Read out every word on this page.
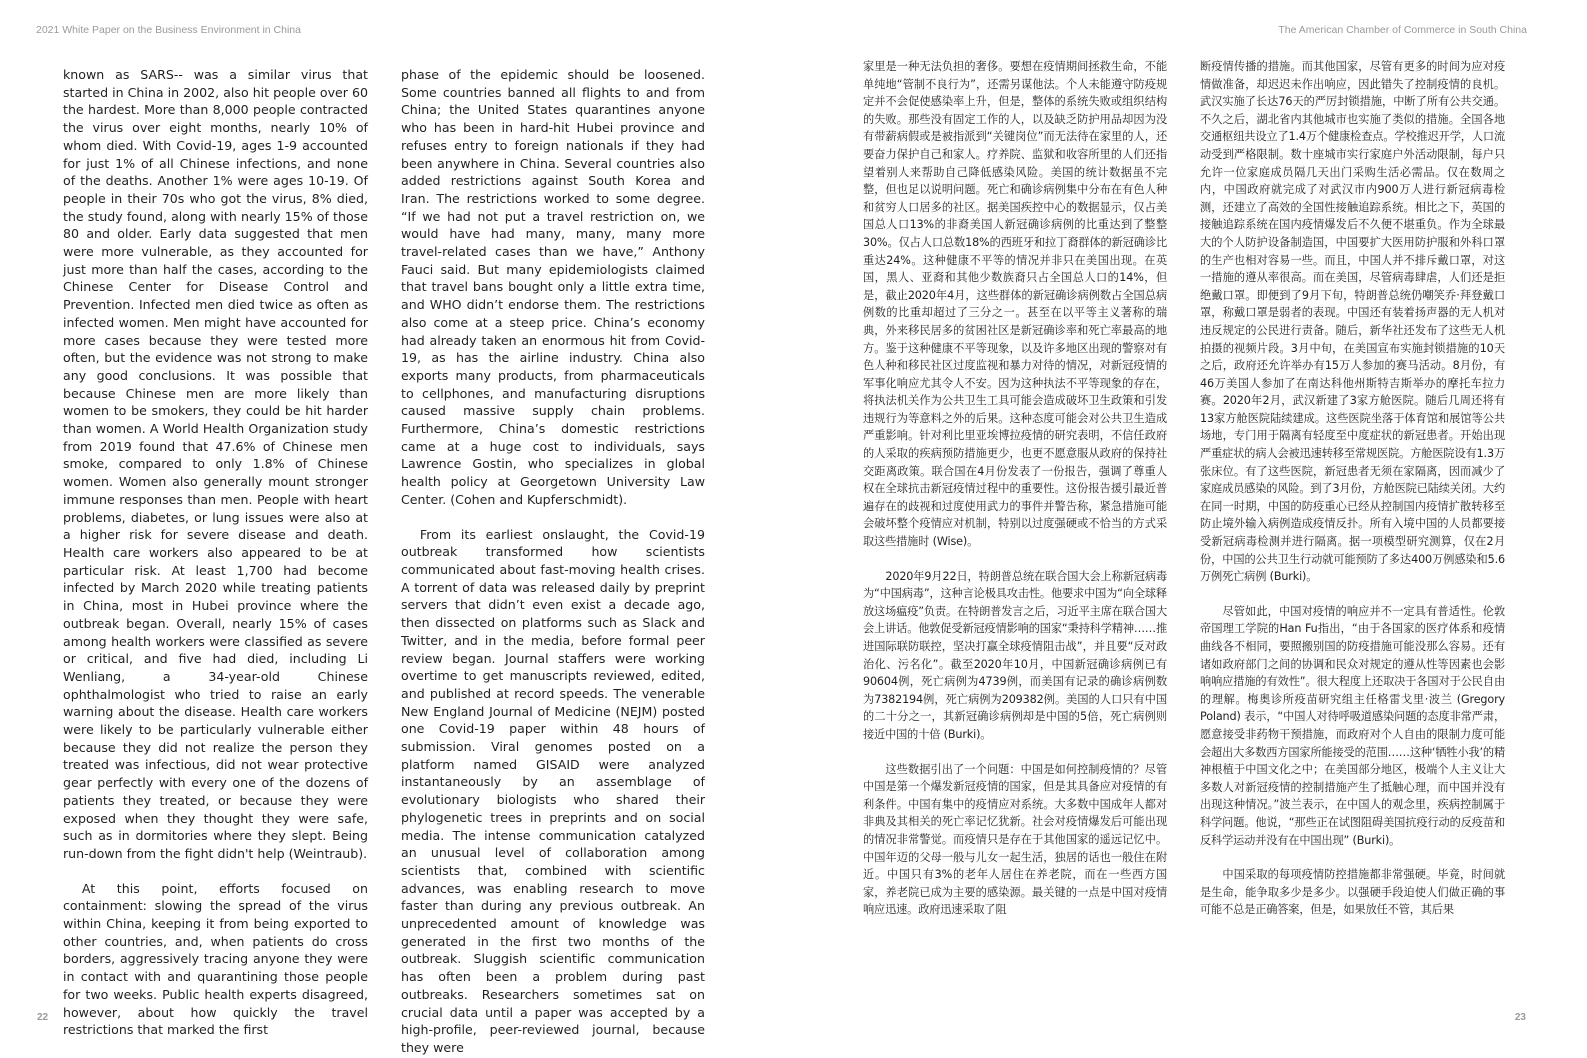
2021 White Paper on the Business Environment in China	The American Chamber of Commerce in South China

known as SARS-- was a similar virus that started in China in 2002, also hit people over 60 the hardest. More than 8,000 people contracted the virus over eight months, nearly 10% of whom died. With Covid-19, ages 1-9 accounted for just 1% of all Chinese infections, and none of the deaths. Another 1% were ages 10-19. Of people in their 70s who got the virus, 8% died, the study found, along with nearly 15% of those 80 and older. Early data suggested that men were more vulnerable, as they accounted for just more than half the cases, according to the Chinese Center for Disease Control and Prevention. Infected men died twice as often as infected women. Men might have accounted for more cases because they were tested more often, but the evidence was not strong to make any good conclusions. It was possible that because Chinese men are more likely than women to be smokers, they could be hit harder than women. A World Health Organization study from 2019 found that 47.6% of Chinese men smoke, compared to only 1.8% of Chinese women. Women also generally mount stronger immune responses than men. People with heart problems, diabetes, or lung issues were also at a higher risk for severe disease and death. Health care workers also appeared to be at particular risk. At least 1,700 had become infected by March 2020 while treating patients in China, most in Hubei province where the outbreak began. Overall, nearly 15% of cases among health workers were classified as severe or critical, and five had died, including Li Wenliang, a 34-year-old Chinese ophthalmologist who tried to raise an early warning about the disease. Health care workers were likely to be particularly vulnerable either because they did not realize the person they treated was infectious, did not wear protective gear perfectly with every one of the dozens of patients they treated, or because they were exposed when they thought they were safe, such as in dormitories where they slept. Being run-down from the fight didn't help (Weintraub).

At this point, efforts focused on containment: slowing the spread of the virus within China, keeping it from being exported to other countries, and, when patients do cross borders, aggressively tracing anyone they were in contact with and quarantining those people for two weeks. Public health experts disagreed, however, about how quickly the travel restrictions that marked the first

phase of the epidemic should be loosened. Some countries banned all flights to and from China; the United States quarantines anyone who has been in hard-hit Hubei province and refuses entry to foreign nationals if they had been anywhere in China. Several countries also added restrictions against South Korea and Iran. The restrictions worked to some degree. “If we had not put a travel restriction on, we would have had many, many, many more travel-related cases than we have,” Anthony Fauci said. But many epidemiologists claimed that travel bans bought only a little extra time, and WHO didn’t endorse them. The restrictions also come at a steep price. China’s economy had already taken an enormous hit from Covid-19, as has the airline industry. China also exports many products, from pharmaceuticals to cellphones, and manufacturing disruptions caused massive supply chain problems. Furthermore, China’s domestic restrictions came at a huge cost to individuals, says Lawrence Gostin, who specializes in global health policy at Georgetown University Law Center. (Cohen and Kupferschmidt).

From its earliest onslaught, the Covid-19 outbreak transformed how scientists communicated about fast-moving health crises. A torrent of data was released daily by preprint servers that didn’t even exist a decade ago, then dissected on platforms such as Slack and Twitter, and in the media, before formal peer review began. Journal staffers were working overtime to get manuscripts reviewed, edited, and published at record speeds. The venerable New England Journal of Medicine (NEJM) posted one Covid-19 paper within 48 hours of submission. Viral genomes posted on a platform named GISAID were analyzed instantaneously by an assemblage of evolutionary biologists who shared their phylogenetic trees in preprints and on social media. The intense communication catalyzed an unusual level of collaboration among scientists that, combined with scientific advances, was enabling research to move faster than during any previous outbreak. An unprecedented amount of knowledge was generated in the first two months of the outbreak. Sluggish scientific communication has often been a problem during past outbreaks. Researchers sometimes sat on crucial data until a paper was accepted by a high-profile, peer-reviewed journal, because they were

家里是一种无法负担的奢侈。要想在疫情期间拯救生命，不能单纯地“管制不良行为”，还需另谋他法。个人未能遵守防疫规定并不会促使感染率上升，但是，整体的系统失败或组织结构的失败。那些没有固定工作的人，以及缺乏防护用品却因为没有带薪病假或是被指派到“关键岗位”而无法待在家里的人，还要奋力保护自己和家人。疗养院、监狱和收容所里的人们还指望着别人来帮助自己降低感染风险。美国的统计数据虽不完整，但也足以说明问题。死亡和确诊病例集中分布在有色人种和贫穷人口居多的社区。据美国疾控中心的数据显示，仅占美国总人口13%的非裔美国人新冠确诊病例的比重达到了整整30%。仅占人口总数18%的西班牙和拉丁裔群体的新冠确诊比重达24%。这种健康不平等的情况并非只在美国出现。在英国，黑人、亚裔和其他少数族裔只占全国总人口的14%，但是，截止2020年4月，这些群体的新冠确诊病例数占全国总病例数的比重却超过了三分之一。甚至在以平等主义著称的瑞典，外来移民居多的贫困社区是新冠确诊率和死亡率最高的地方。鉴于这种健康不平等现象，以及许多地区出现的警察对有色人种和移民社区过度监视和暴力对待的情况，对新冠疫情的军事化响应尤其令人不安。因为这种执法不平等现象的存在，将执法机关作为公共卫生工具可能会造成破坏卫生政策和引发违规行为等意料之外的后果。这种态度可能会对公共卫生造成严重影响。针对利比里亚埃博拉疫情的研究表明，不信任政府的人采取的疾病预防措施更少，也更不愿意服从政府的保持社交距离政策。联合国在4月份发表了一份报告，强调了尊重人权在全球抗击新冠疫情过程中的重要性。这份报告援引最近普遍存在的歧视和过度使用武力的事件并警告称，紧急措施可能会破坏整个疫情应对机制，特别以过度强硬或不恰当的方式采取这些措施时 (Wise)。

2020年9月22日，特朗普总统在联合国大会上称新冠病毒为“中国病毒”，这种言论极具攻击性。他要求中国为“向全球释放这场瘟疫”负责。在特朗普发言之后，习近平主席在联合国大会上讲话。他敦促受新冠疫情影响的国家“秉持科学精神……推进国际联防联控，坚决打赢全球疫情阻击战”，并且要“反对政治化、污名化”。截至2020年10月，中国新冠确诊病例已有90604例，死亡病例为4739例，而美国有记录的确诊病例数为7382194例，死亡病例为209382例。美国的人口只有中国的二十分之一，其新冠确诊病例却是中国的5倍，死亡病例则接近中国的十倍 (Burki)。

这些数据引出了一个问题：中国是如何控制疫情的？尽管中国是第一个爆发新冠疫情的国家，但是其具备应对疫情的有利条件。中国有集中的疫情应对系统。大多数中国成年人都对非典及其相关的死亡率记忆犹新。社会对疫情爆发后可能出现的情况非常警觉。而疫情只是存在于其他国家的遥远记忆中。中国年迈的父母一般与儿女一起生活，独居的话也一般住在附近。中国只有3%的老年人居住在养老院，而在一些西方国家，养老院已成为主要的感染源。最关键的一点是中国对疫情响应迅速。政府迅速采取了阻

断疫情传播的措施。而其他国家，尽管有更多的时间为应对疫情做准备，却迟迟未作出响应，因此错失了控制疫情的良机。武汉实施了长达76天的严厉封锁措施，中断了所有公共交通。不久之后，湖北省内其他城市也实施了类似的措施。全国各地交通枢纽共设立了1.4万个健康检查点。学校推迟开学，人口流动受到严格限制。数十座城市实行家庭户外活动限制，每户只允许一位家庭成员隔几天出门采购生活必需品。仅在数周之内，中国政府就完成了对武汉市内900万人进行新冠病毒检测，还建立了高效的全国性接触追踪系统。相比之下，英国的接触追踪系统在国内疫情爆发后不久便不堪重负。作为全球最大的个人防护设备制造国，中国要扩大医用防护服和外科口罩的生产也相对容易一些。而且，中国人并不排斥戴口罩，对这一措施的遵从率很高。而在美国，尽管病毒肆虐，人们还是拒绝戴口罩。即便到了9月下旬，特朗普总统仍嘲笑乔·拜登戴口罩，称戴口罩是弱者的表现。中国还有装着扬声器的无人机对违反规定的公民进行责备。随后，新华社还发布了这些无人机拍摄的视频片段。3月中旬，在美国宣布实施封锁措施的10天之后，政府还允许举办有15万人参加的赛马活动。8月份，有46万美国人参加了在南达科他州斯特吉斯举办的摩托车拉力赛。2020年2月，武汉新建了3家方舱医院。随后几周还将有13家方舱医院陆续建成。这些医院坐落于体育馆和展馆等公共场地，专门用于隔离有轻度至中度症状的新冠患者。开始出现严重症状的病人会被迅速转移至常规医院。方舱医院设有1.3万张床位。有了这些医院，新冠患者无须在家隔离，因而减少了家庭成员感染的风险。到了3月份，方舱医院已陆续关闭。大约在同一时期，中国的防疫重心已经从控制国内疫情扩散转移至防止境外输入病例造成疫情反扑。所有入境中国的人员都要接受新冠病毒检测并进行隔离。据一项模型研究测算，仅在2月份，中国的公共卫生行动就可能预防了多达400万例感染和5.6万例死亡病例 (Burki)。

尽管如此，中国对疫情的响应并不一定具有普适性。伦敦帝国理工学院的Han Fu指出，“由于各国家的医疗体系和疫情曲线各不相同，要照搬别国的防疫措施可能没那么容易。还有诸如政府部门之间的协调和民众对规定的遵从性等因素也会影响响应措施的有效性”。很大程度上还取决于各国对于公民自由的理解。梅奥诊所疫苗研究组主任格雷戈里·波兰 (Gregory Poland) 表示，“中国人对待呼吸道感染问题的态度非常严肃，愿意接受非药物干预措施，而政府对个人自由的限制力度可能会超出大多数西方国家所能接受的范围……这种‘牺牲小我’的精神根植于中国文化之中；在美国部分地区，极端个人主义让大多数人对新冠疫情的控制措施产生了抵触心理，而中国并没有出现这种情况。”波兰表示，在中国人的观念里，疾病控制属于科学问题。他说，“那些正在试图阻碍美国抗疫行动的反疫苗和反科学运动并没有在中国出现” (Burki)。

中国采取的每项疫情防控措施都非常强硬。毕竟，时间就是生命，能争取多少是多少。以强硬手段迫使人们做正确的事可能不总是正确答案，但是，如果放任不管，其后果

22	23
